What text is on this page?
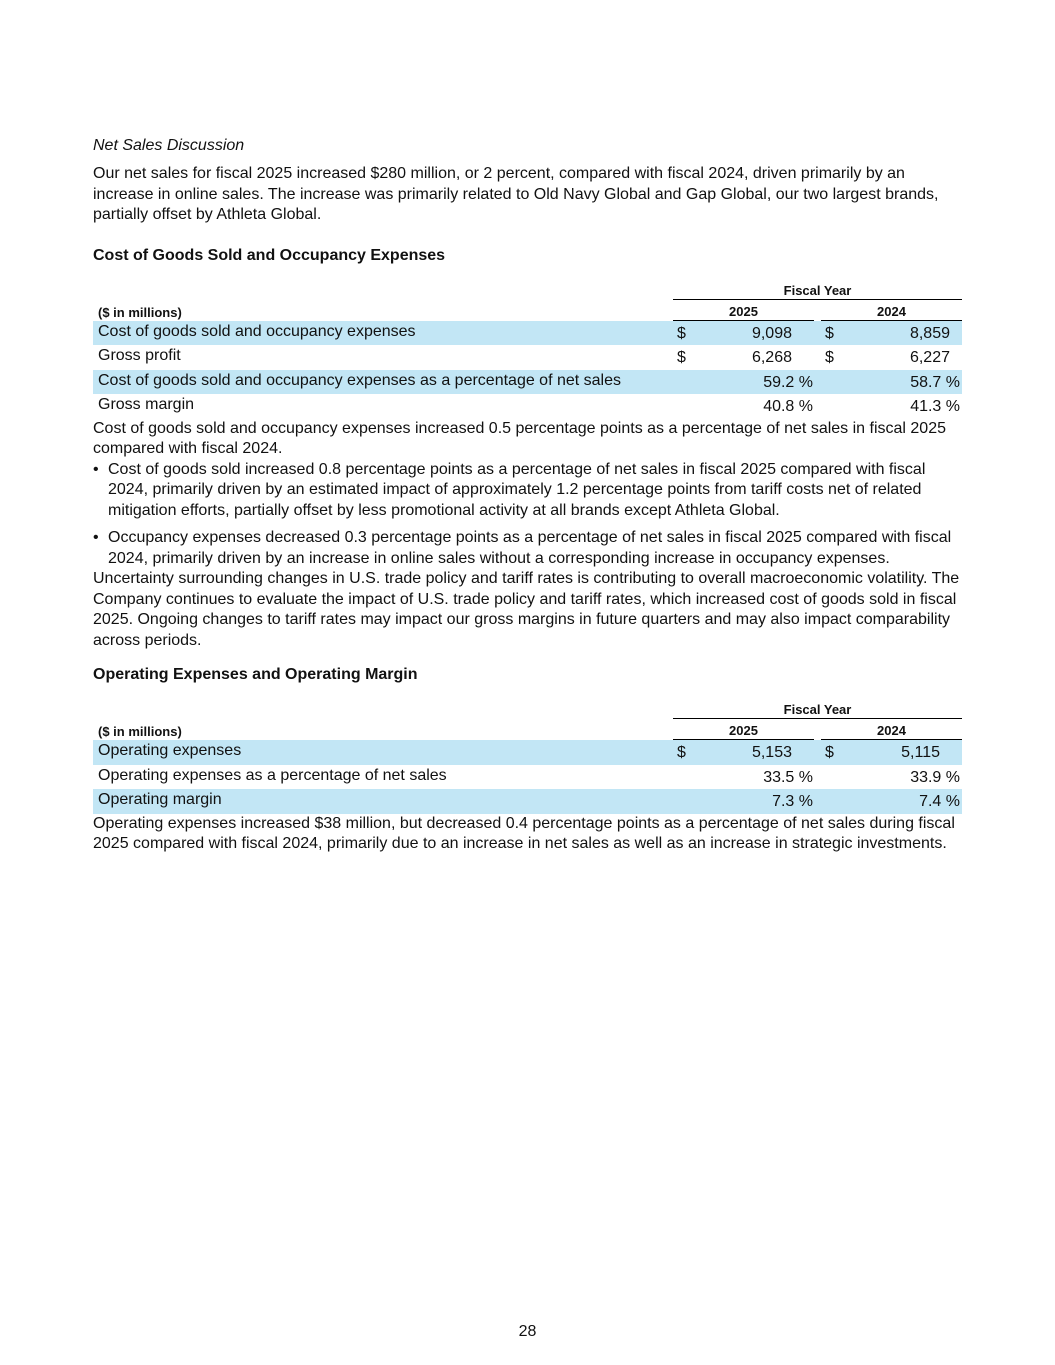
Net Sales Discussion

Our net sales for fiscal 2025 increased $280 million, or 2 percent, compared with fiscal 2024, driven primarily by an increase in online sales. The increase was primarily related to Old Navy Global and Gap Global, our two largest brands, partially offset by Athleta Global.

Cost of Goods Sold and Occupancy Expenses
Fiscal Year
($ in millions)	2025	2024
Cost of goods sold and occupancy expenses	$	9,098 $	8,859
Gross profit	$	6,268 $	6,227
Cost of goods sold and occupancy expenses as a percentage of net sales	59.2 %	58.7 %
Gross margin	40.8 %	41.3 %

Cost of goods sold and occupancy expenses increased 0.5 percentage points as a percentage of net sales in fiscal 2025 compared with fiscal 2024.

• Cost of goods sold increased 0.8 percentage points as a percentage of net sales in fiscal 2025 compared with fiscal 2024, primarily driven by an estimated impact of approximately 1.2 percentage points from tariff costs net of related mitigation efforts, partially offset by less promotional activity at all brands except Athleta Global.
• Occupancy expenses decreased 0.3 percentage points as a percentage of net sales in fiscal 2025 compared with fiscal 2024, primarily driven by an increase in online sales without a corresponding increase in occupancy expenses.

Uncertainty surrounding changes in U.S. trade policy and tariff rates is contributing to overall macroeconomic volatility. The Company continues to evaluate the impact of U.S. trade policy and tariff rates, which increased cost of goods sold in fiscal 2025. Ongoing changes to tariff rates may impact our gross margins in future quarters and may also impact comparability across periods.

Operating Expenses and Operating Margin
Fiscal Year
($ in millions)	2025	2024
Operating expenses	$	5,153 $	5,115
Operating expenses as a percentage of net sales	33.5 %	33.9 %
Operating margin	7.3 %	7.4 %

Operating expenses increased $38 million, but decreased 0.4 percentage points as a percentage of net sales during fiscal 2025 compared with fiscal 2024, primarily due to an increase in net sales as well as an increase in strategic investments.

28
